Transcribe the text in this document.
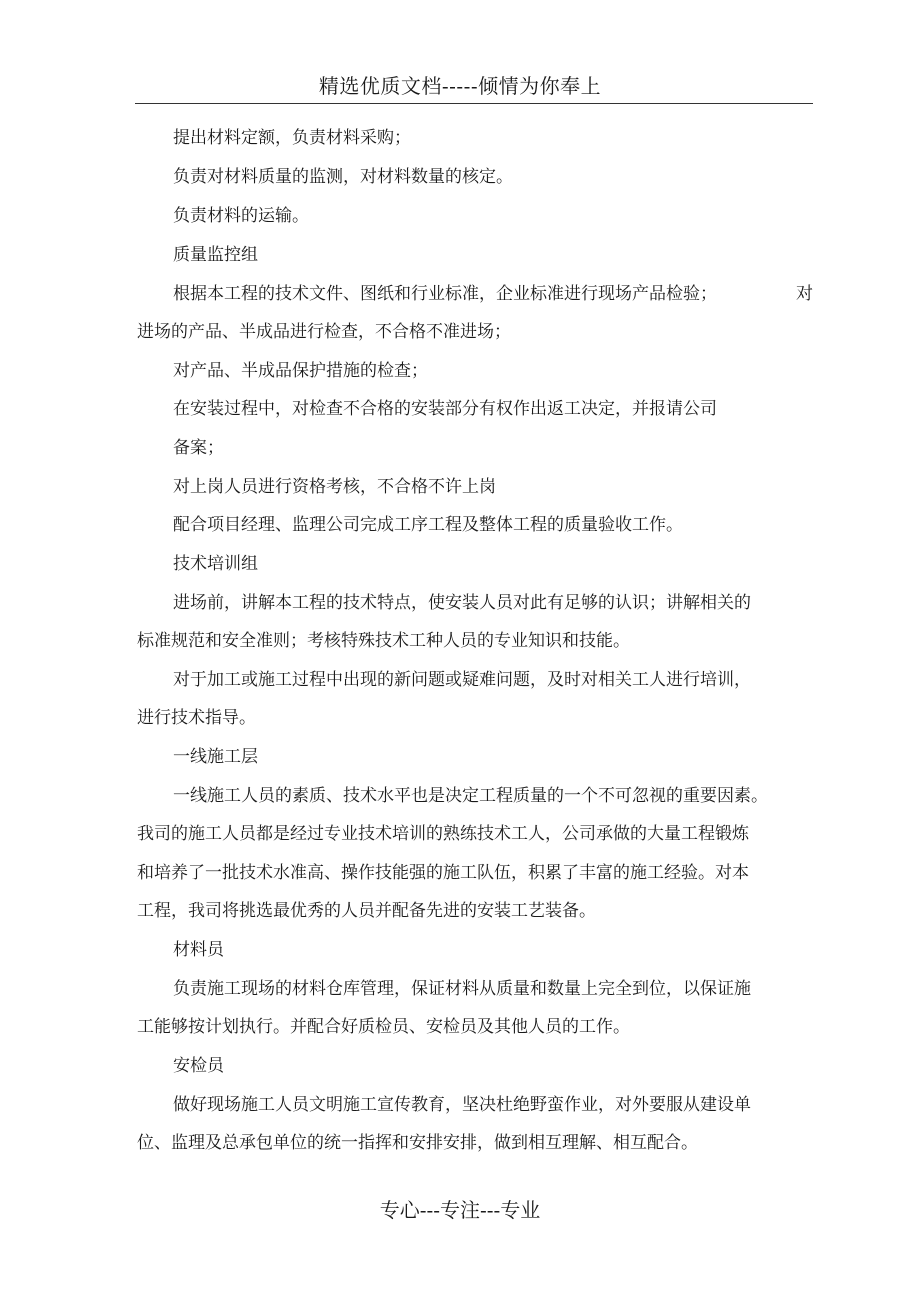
精选优质文档-----倾情为你奉上
提出材料定额，负责材料采购；
负责对材料质量的监测，对材料数量的核定。
负责材料的运输。
质量监控组
根据本工程的技术文件、图纸和行业标准，企业标准进行现场产品检验；	对
进场的产品、半成品进行检查，不合格不准进场；
对产品、半成品保护措施的检查；
在安装过程中，对检查不合格的安装部分有权作出返工决定，并报请公司
备案；
对上岗人员进行资格考核，不合格不许上岗
配合项目经理、监理公司完成工序工程及整体工程的质量验收工作。
技术培训组
进场前，讲解本工程的技术特点，使安装人员对此有足够的认识；讲解相关的
标准规范和安全准则；考核特殊技术工种人员的专业知识和技能。
对于加工或施工过程中出现的新问题或疑难问题，及时对相关工人进行培训，
进行技术指导。
一线施工层
一线施工人员的素质、技术水平也是决定工程质量的一个不可忽视的重要因素。
我司的施工人员都是经过专业技术培训的熟练技术工人，公司承做的大量工程锻炼
和培养了一批技术水准高、操作技能强的施工队伍，积累了丰富的施工经验。对本
工程，我司将挑选最优秀的人员并配备先进的安装工艺装备。
材料员
负责施工现场的材料仓库管理，保证材料从质量和数量上完全到位，以保证施
工能够按计划执行。并配合好质检员、安检员及其他人员的工作。
安检员
做好现场施工人员文明施工宣传教育，坚决杜绝野蛮作业，对外要服从建设单
位、监理及总承包单位的统一指挥和安排安排，做到相互理解、相互配合。
专心---专注---专业
